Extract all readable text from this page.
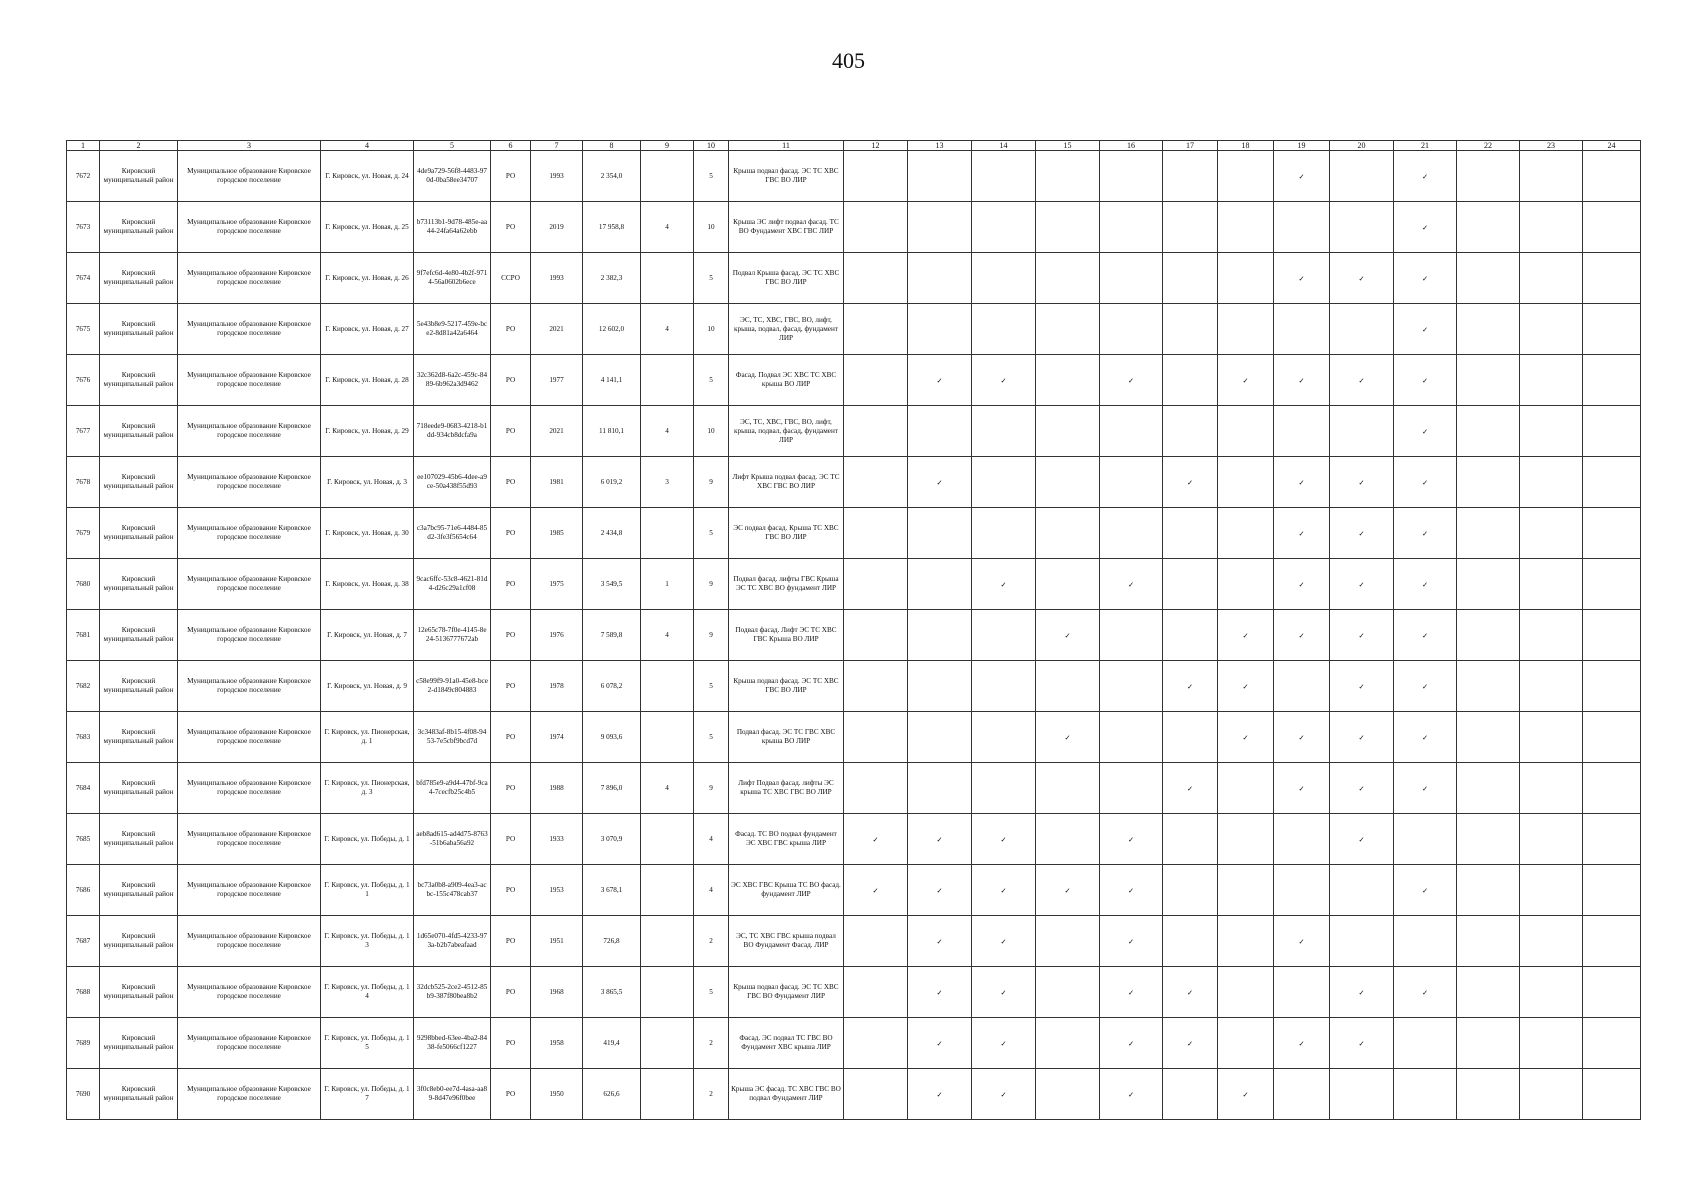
405
1	2	3	4	5	6	7	8	9	10	11	12	13	14	15	16	17	18	19	20	21	22	23	24
7672	Кировский муниципальный район	Муниципальное образование Кировское городское поселение	Г. Кировск, ул. Новая, д. 24	4de9a729-56f8-4483-970d-0ba58ee34707	РО	1993	2 354,0		5	Крыша подвал фасад. ЭС ТС ХВС ГВС ВО ЛИР								✓		✓			
7673	Кировский муниципальный район	Муниципальное образование Кировское городское поселение	Г. Кировск, ул. Новая, д. 25	b73113b1-9d78-485e-aa44-24fa64a62ebb	РО	2019	17 958,8	4	10	Крыша ЭС лифт подвал фасад. ТС ВО Фундамент ХВС ГВС ЛИР										✓			
7674	Кировский муниципальный район	Муниципальное образование Кировское городское поселение	Г. Кировск, ул. Новая, д. 26	9f7efc6d-4e80-4b2f-9714-56a0602b6ece	ССРО	1993	2 382,3		5	Подвал Крыша фасад. ЭС ТС ХВС ГВС ВО ЛИР								✓	✓	✓			
7675	Кировский муниципальный район	Муниципальное образование Кировское городское поселение	Г. Кировск, ул. Новая, д. 27	5e43b8e9-5217-459e-bce2-8d81a42a6464	РО	2021	12 602,0	4	10	ЭС, ТС, ХВС, ГВС, ВО, лифт, крыша, подвал, фасад, фундамент ЛИР										✓			
7676	Кировский муниципальный район	Муниципальное образование Кировское городское поселение	Г. Кировск, ул. Новая, д. 28	32c362d8-6a2c-459c-8489-6b962a3d9462	РО	1977	4 141,1		5	Фасад. Подвал ЭС ХВС ТС ХВС крыша ВО ЛИР		✓	✓		✓		✓	✓	✓	✓			
7677	Кировский муниципальный район	Муниципальное образование Кировское городское поселение	Г. Кировск, ул. Новая, д. 29	718eede9-0683-4218-b1dd-934cb8dcfa9a	РО	2021	11 810,1	4	10	ЭС, ТС, ХВС, ГВС, ВО, лифт, крыша, подвал, фасад, фундамент ЛИР										✓			
7678	Кировский муниципальный район	Муниципальное образование Кировское городское поселение	Г. Кировск, ул. Новая, д. 3	ee107029-45b6-4dee-a9ce-50a438f55d93	РО	1981	6 019,2	3	9	Лифт Крыша подвал фасад. ЭС ТС ХВС ГВС ВО ЛИР		✓				✓		✓	✓	✓			
7679	Кировский муниципальный район	Муниципальное образование Кировское городское поселение	Г. Кировск, ул. Новая, д. 30	c3a7bc95-71e6-4484-85d2-3fe3f5654c64	РО	1985	2 434,8		5	ЭС подвал фасад. Крыша ТС ХВС ГВС ВО ЛИР								✓	✓	✓			
7680	Кировский муниципальный район	Муниципальное образование Кировское городское поселение	Г. Кировск, ул. Новая, д. 38	9cac6ffc-53c8-4621-81d4-d26c29a1cf08	РО	1975	3 549,5	1	9	Подвал фасад. лифты ГВС Крыша ЭС ТС ХВС ВО фундамент ЛИР			✓		✓			✓	✓	✓			
7681	Кировский муниципальный район	Муниципальное образование Кировское городское поселение	Г. Кировск, ул. Новая, д. 7	12e65c78-7f0e-4145-8e24-5136777672ab	РО	1976	7 589,8	4	9	Подвал фасад. Лифт ЭС ТС ХВС ГВС Крыша ВО ЛИР				✓			✓	✓	✓	✓			
7682	Кировский муниципальный район	Муниципальное образование Кировское городское поселение	Г. Кировск, ул. Новая, д. 9	c58e99f9-91a0-45e8-bce2-d1849c804883	РО	1978	6 078,2		5	Крыша подвал фасад. ЭС ТС ХВС ГВС ВО ЛИР						✓	✓		✓	✓			
7683	Кировский муниципальный район	Муниципальное образование Кировское городское поселение	Г. Кировск, ул. Пионерская, д. 1	3c3483af-8b15-4f08-9453-7e5cbf9bcd7d	РО	1974	9 093,6		5	Подвал фасад. ЭС ТС ГВС ХВС крыша ВО ЛИР				✓			✓	✓	✓	✓			
7684	Кировский муниципальный район	Муниципальное образование Кировское городское поселение	Г. Кировск, ул. Пионерская, д. 3	bfd785e9-a9d4-47bf-9ca4-7cecfb25c4b5	РО	1988	7 896,0	4	9	Лифт Подвал фасад. лифты ЭС крыша ТС ХВС ГВС ВО ЛИР						✓		✓	✓	✓			
7685	Кировский муниципальный район	Муниципальное образование Кировское городское поселение	Г. Кировск, ул. Победы, д. 1	aeb8ad615-ad4d75-8763-51b6aba56a92	РО	1933	3 070,9		4	Фасад. ТС ВО подвал фундамент ЭС ХВС ГВС крыша ЛИР	✓	✓	✓		✓				✓				
7686	Кировский муниципальный район	Муниципальное образование Кировское городское поселение	Г. Кировск, ул. Победы, д. 11	bc73a0b8-a909-4ea3-acbc-155c478cab37	РО	1953	3 678,1		4	ЭС ХВС ГВС Крыша ТС ВО фасад. фундамент ЛИР	✓	✓	✓	✓	✓					✓			
7687	Кировский муниципальный район	Муниципальное образование Кировское городское поселение	Г. Кировск, ул. Победы, д. 13	1d65e070-4fd5-4233-973a-b2b7abeafaad	РО	1951	726,8		2	ЭС, ТС ХВС ГВС крыша подвал ВО Фундамент Фасад. ЛИР		✓	✓		✓			✓					
7688	Кировский муниципальный район	Муниципальное образование Кировское городское поселение	Г. Кировск, ул. Победы, д. 14	32dcb525-2ce2-4512-85b9-387f80bea8b2	РО	1968	3 865,5		5	Крыша подвал фасад. ЭС ТС ХВС ГВС ВО Фундамент ЛИР		✓	✓		✓	✓			✓	✓			
7689	Кировский муниципальный район	Муниципальное образование Кировское городское поселение	Г. Кировск, ул. Победы, д. 15	9298bbed-63ee-4ba2-8438-fe5066cf1227	РО	1958	419,4		2	Фасад. ЭС подвал ТС ГВС ВО Фундамент ХВС крыша ЛИР		✓	✓		✓	✓		✓	✓				
7690	Кировский муниципальный район	Муниципальное образование Кировское городское поселение	Г. Кировск, ул. Победы, д. 17	3f0c8eb0-ee7d-4asa-aa89-8d47e96f0bee	РО	1950	626,6		2	Крыша ЭС фасад. ТС ХВС ГВС ВО подвал Фундамент ЛИР		✓	✓		✓		✓						
